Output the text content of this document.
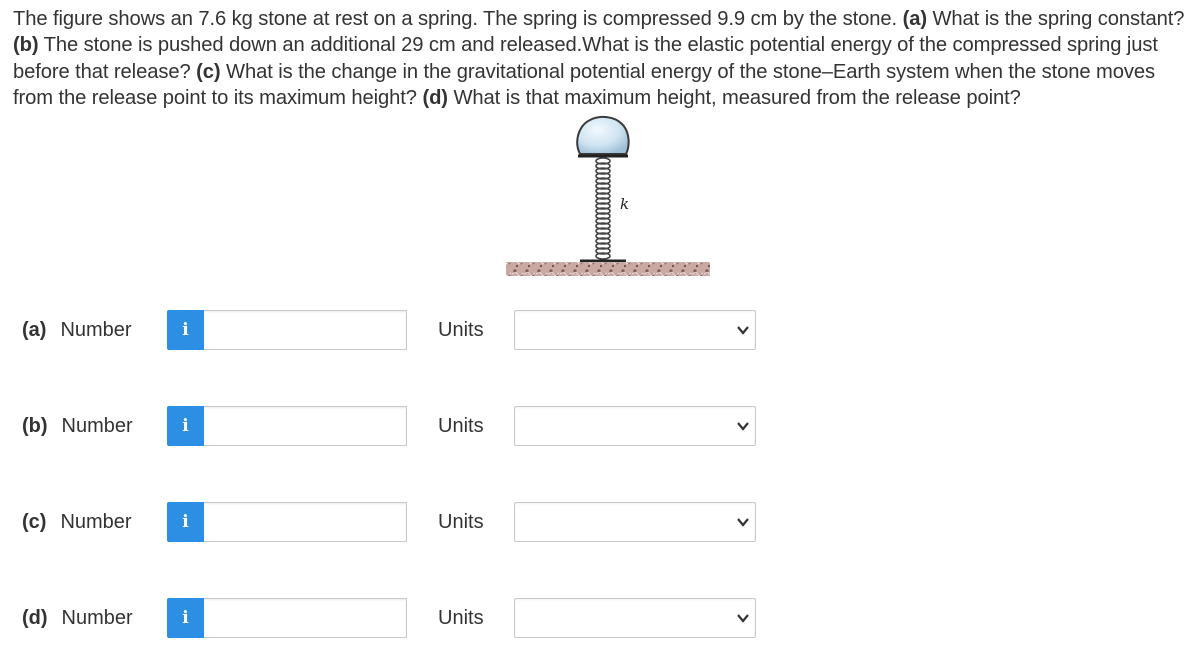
The figure shows an 7.6 kg stone at rest on a spring. The spring is compressed 9.9 cm by the stone. (a) What is the spring constant? (b) The stone is pushed down an additional 29 cm and released.What is the elastic potential energy of the compressed spring just before that release? (c) What is the change in the gravitational potential energy of the stone–Earth system when the stone moves from the release point to its maximum height? (d) What is that maximum height, measured from the release point?
k
(a) Number	i	Units
(b) Number	i	Units
(c) Number	i	Units
(d) Number	i	Units
